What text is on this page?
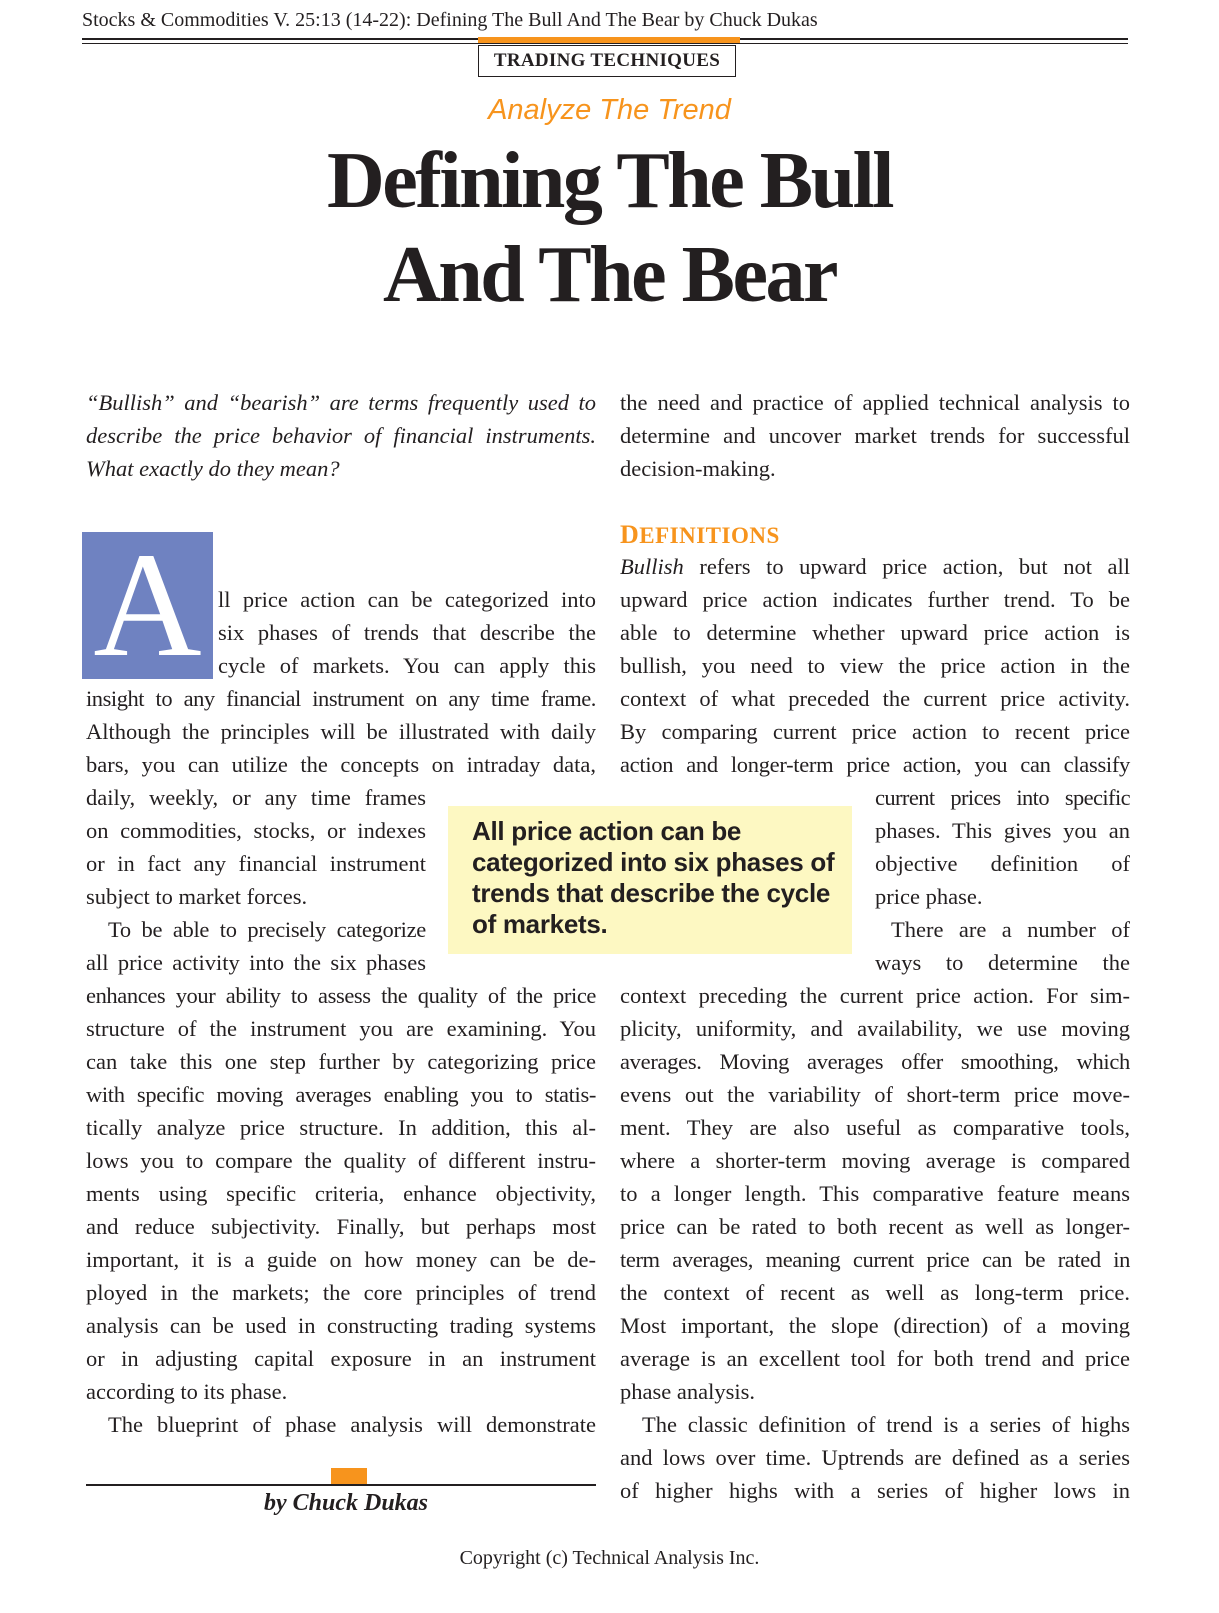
Stocks & Commodities V. 25:13 (14-22): Defining The Bull And The Bear by Chuck Dukas
TRADING TECHNIQUES
Analyze The Trend
Defining The Bull
And The Bear
“Bullish” and “bearish” are terms frequently used to describe the price behavior of financial instruments. What exactly do they mean?
the need and practice of applied technical analysis to
determine and uncover market trends for successful
decision-making.
DEFINITIONS
A ll price action can be categorized into
six phases of trends that describe the
cycle of markets. You can apply this
insight to any financial instrument on any time frame.
Although the principles will be illustrated with daily
bars, you can utilize the concepts on intraday data,
daily, weekly, or any time frames
on commodities, stocks, or indexes
or in fact any financial instrument
subject to market forces.
To be able to precisely categorize
all price activity into the six phases
enhances your ability to assess the quality of the price
structure of the instrument you are examining. You
can take this one step further by categorizing price
with specific moving averages enabling you to statis-
tically analyze price structure. In addition, this al-
lows you to compare the quality of different instru-
ments using specific criteria, enhance objectivity,
and reduce subjectivity. Finally, but perhaps most
important, it is a guide on how money can be de-
ployed in the markets; the core principles of trend
analysis can be used in constructing trading systems
or in adjusting capital exposure in an instrument
according to its phase.
The blueprint of phase analysis will demonstrate
Bullish refers to upward price action, but not all
upward price action indicates further trend. To be
able to determine whether upward price action is
bullish, you need to view the price action in the
context of what preceded the current price activity.
By comparing current price action to recent price
action and longer-term price action, you can classify
current prices into specific
phases. This gives you an
objective definition of
price phase.
There are a number of
ways to determine the
context preceding the current price action. For sim-
plicity, uniformity, and availability, we use moving
averages. Moving averages offer smoothing, which
evens out the variability of short-term price move-
ment. They are also useful as comparative tools,
where a shorter-term moving average is compared
to a longer length. This comparative feature means
price can be rated to both recent as well as longer-
term averages, meaning current price can be rated in
the context of recent as well as long-term price.
Most important, the slope (direction) of a moving
average is an excellent tool for both trend and price
phase analysis.
The classic definition of trend is a series of highs
and lows over time. Uptrends are defined as a series
of higher highs with a series of higher lows in
All price action can be categorized into six phases of trends that describe the cycle of markets.
by Chuck Dukas
Copyright (c) Technical Analysis Inc.
